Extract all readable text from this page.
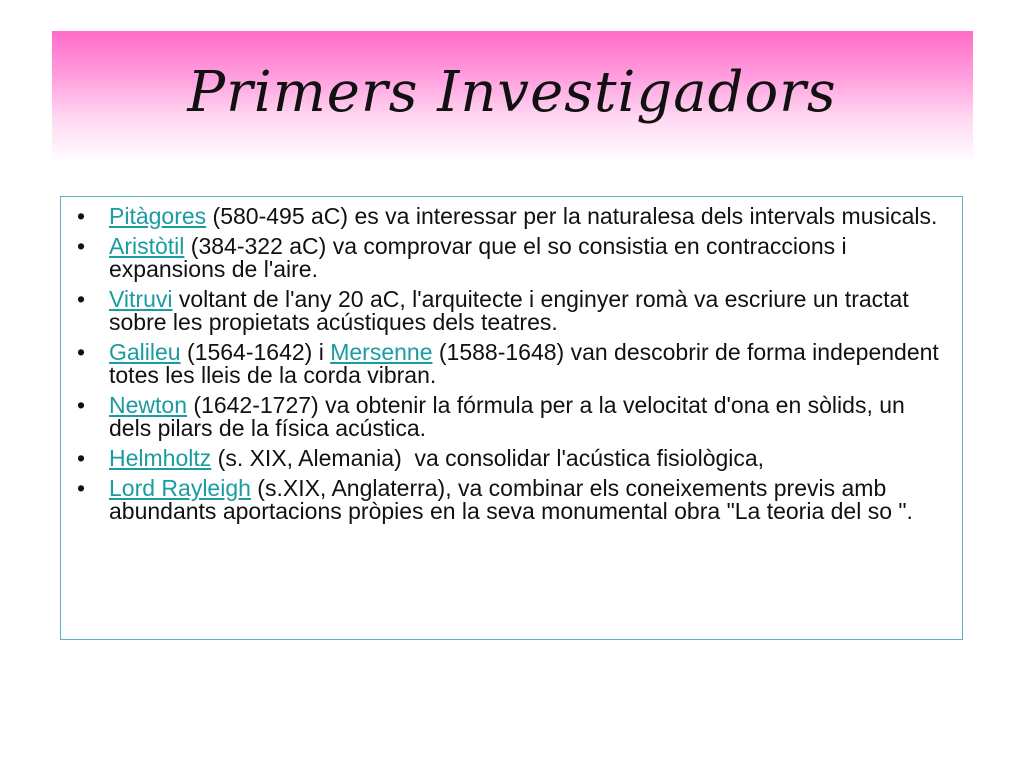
Primers Investigadors
• Pitàgores (580-495 aC) es va interessar per la naturalesa dels intervals musicals.
• Aristòtil (384-322 aC) va comprovar que el so consistia en contraccions i expansions de l'aire.
• Vitruvi voltant de l'any 20 aC, l'arquitecte i enginyer romà va escriure un tractat sobre les propietats acústiques dels teatres.
• Galileu (1564-1642) i Mersenne (1588-1648) van descobrir de forma independent totes les lleis de la corda vibran.
• Newton (1642-1727) va obtenir la fórmula per a la velocitat d'ona en sòlids, un dels pilars de la física acústica.
• Helmholtz (s. XIX, Alemania)  va consolidar l'acústica fisiològica,
• Lord Rayleigh (s.XIX, Anglaterra), va combinar els coneixements previs amb abundants aportacions pròpies en la seva monumental obra "La teoria del so ".
